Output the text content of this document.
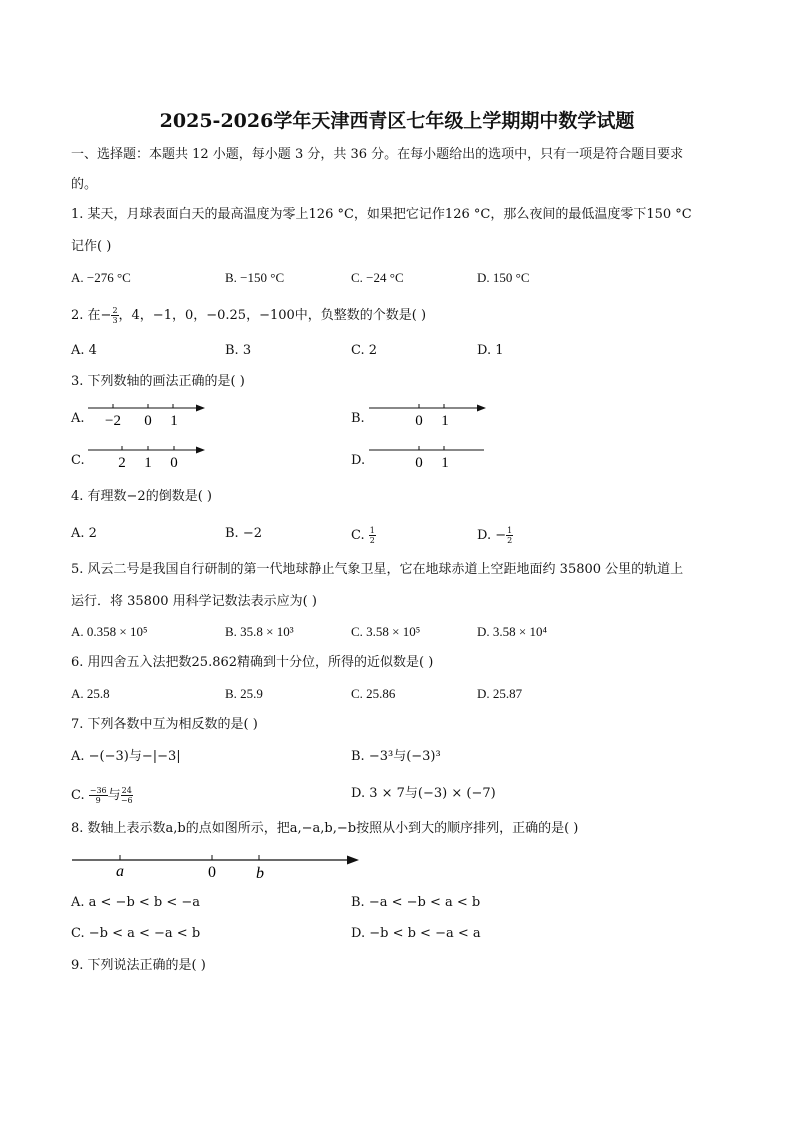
2025-2026学年天津西青区七年级上学期期中数学试题
一、选择题：本题共 12 小题，每小题 3 分，共 36 分。在每小题给出的选项中，只有一项是符合题目要求
的。
1. 某天，月球表面白天的最高温度为零上126 °C，如果把它记作126 °C，那么夜间的最低温度零下150 °C
记作( )
A. −276 °C	B. −150 °C	C. −24 °C	D. 150 °C
2. 在− $\frac{2}{3}$ ，4，−1，0，−0.25，−100中，负整数的个数是( )
A. 4	B. 3	C. 2	D. 1
3. 下列数轴的画法正确的是( )
A. −2 0 1	B.	0 1
C. 2 1 0	D.	0 1
4. 有理数−2的倒数是( )
A. 2	B. −2	C. $\frac{1}{2}$	D. − $\frac{1}{2}$
5. 风云二号是我国自行研制的第一代地球静止气象卫星，它在地球赤道上空距地面约 35800 公里的轨道上
运行．将 35800 用科学记数法表示应为( )
A. 0.358 × 10⁵	B. 35.8 × 10³	C. 3.58 × 10⁵	D. 3.58 × 10⁴
6. 用四舍五入法把数25.862精确到十分位，所得的近似数是( )
A. 25.8	B. 25.9	C. 25.86	D. 25.87
7. 下列各数中互为相反数的是( )
A. −(−3)与−|−3|	B. −3³与(−3)³
C. $\frac{-36}{9}$ 与 $\frac{24}{-6}$	D. 3 × 7与(−3) × (−7)
8. 数轴上表示数a,b的点如图所示，把a,−a,b,−b按照从小到大的顺序排列，正确的是( )
a	0	b
A. a < −b < b < −a	B. −a < −b < a < b
C. −b < a < −a < b	D. −b < b < −a < a
9. 下列说法正确的是( )
